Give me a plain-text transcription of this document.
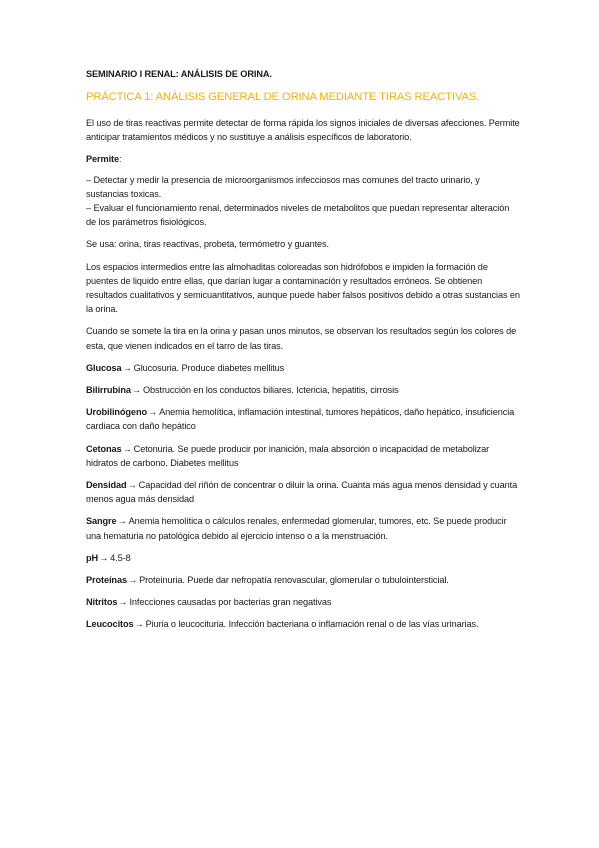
SEMINARIO I RENAL: ANÁLISIS DE ORINA.
PRÁCTICA 1: ANÁLISIS GENERAL DE ORINA MEDIANTE TIRAS REACTIVAS.

El uso de tiras reactivas permite detectar de forma rápida los signos iniciales de diversas afecciones. Permite anticipar tratamientos médicos y no sustituye a análisis específicos de laboratorio.

Permite:

– Detectar y medir la presencia de microorganismos infecciosos mas comunes del tracto urinario, y sustancias toxicas.
– Evaluar el funcionamiento renal, determinados niveles de metabolitos que puedan representar alteración de los parámetros fisiológicos.

Se usa: orina, tiras reactivas, probeta, termómetro y guantes.

Los espacios intermedios entre las almohaditas coloreadas son hidrófobos e impiden la formación de puentes de liquido entre ellas, que darían lugar a contaminación y resultados erróneos. Se obtienen resultados cualitativos y semicuantitativos, aunque puede haber falsos positivos debido a otras sustancias en la orina.

Cuando se somete la tira en la orina y pasan unos minutos, se observan los resultados según los colores de esta, que vienen indicados en el tarro de las tiras.

Glucosa→ Glucosuria. Produce diabetes mellitus

Bilirrubina→ Obstrucción en los conductos biliares. Ictericia, hepatitis, cirrosis

Urobilinógeno→ Anemia hemolítica, inflamación intestinal, tumores hepáticos, daño hepático, insuficiencia cardiaca con daño hepático

Cetonas→ Cetonuria. Se puede producir por inanición, mala absorción o incapacidad de metabolizar hidratos de carbono. Diabetes mellitus

Densidad→ Capacidad del riñón de concentrar o diluir la orina. Cuanta más agua menos densidad y cuanta menos agua más densidad

Sangre→ Anemia hemolítica o cálculos renales, enfermedad glomerular, tumores, etc. Se puede producir una hematuria no patológica debido al ejercicio intenso o a la menstruación.

pH→ 4.5-8

Proteínas→ Proteinuria. Puede dar nefropatía renovascular, glomerular o tubulointersticial.

Nitritos→ Infecciones causadas por bacterias gran negativas

Leucocitos→ Piuria o leucocituria. Infección bacteriana o inflamación renal o de las vías urinarias.
